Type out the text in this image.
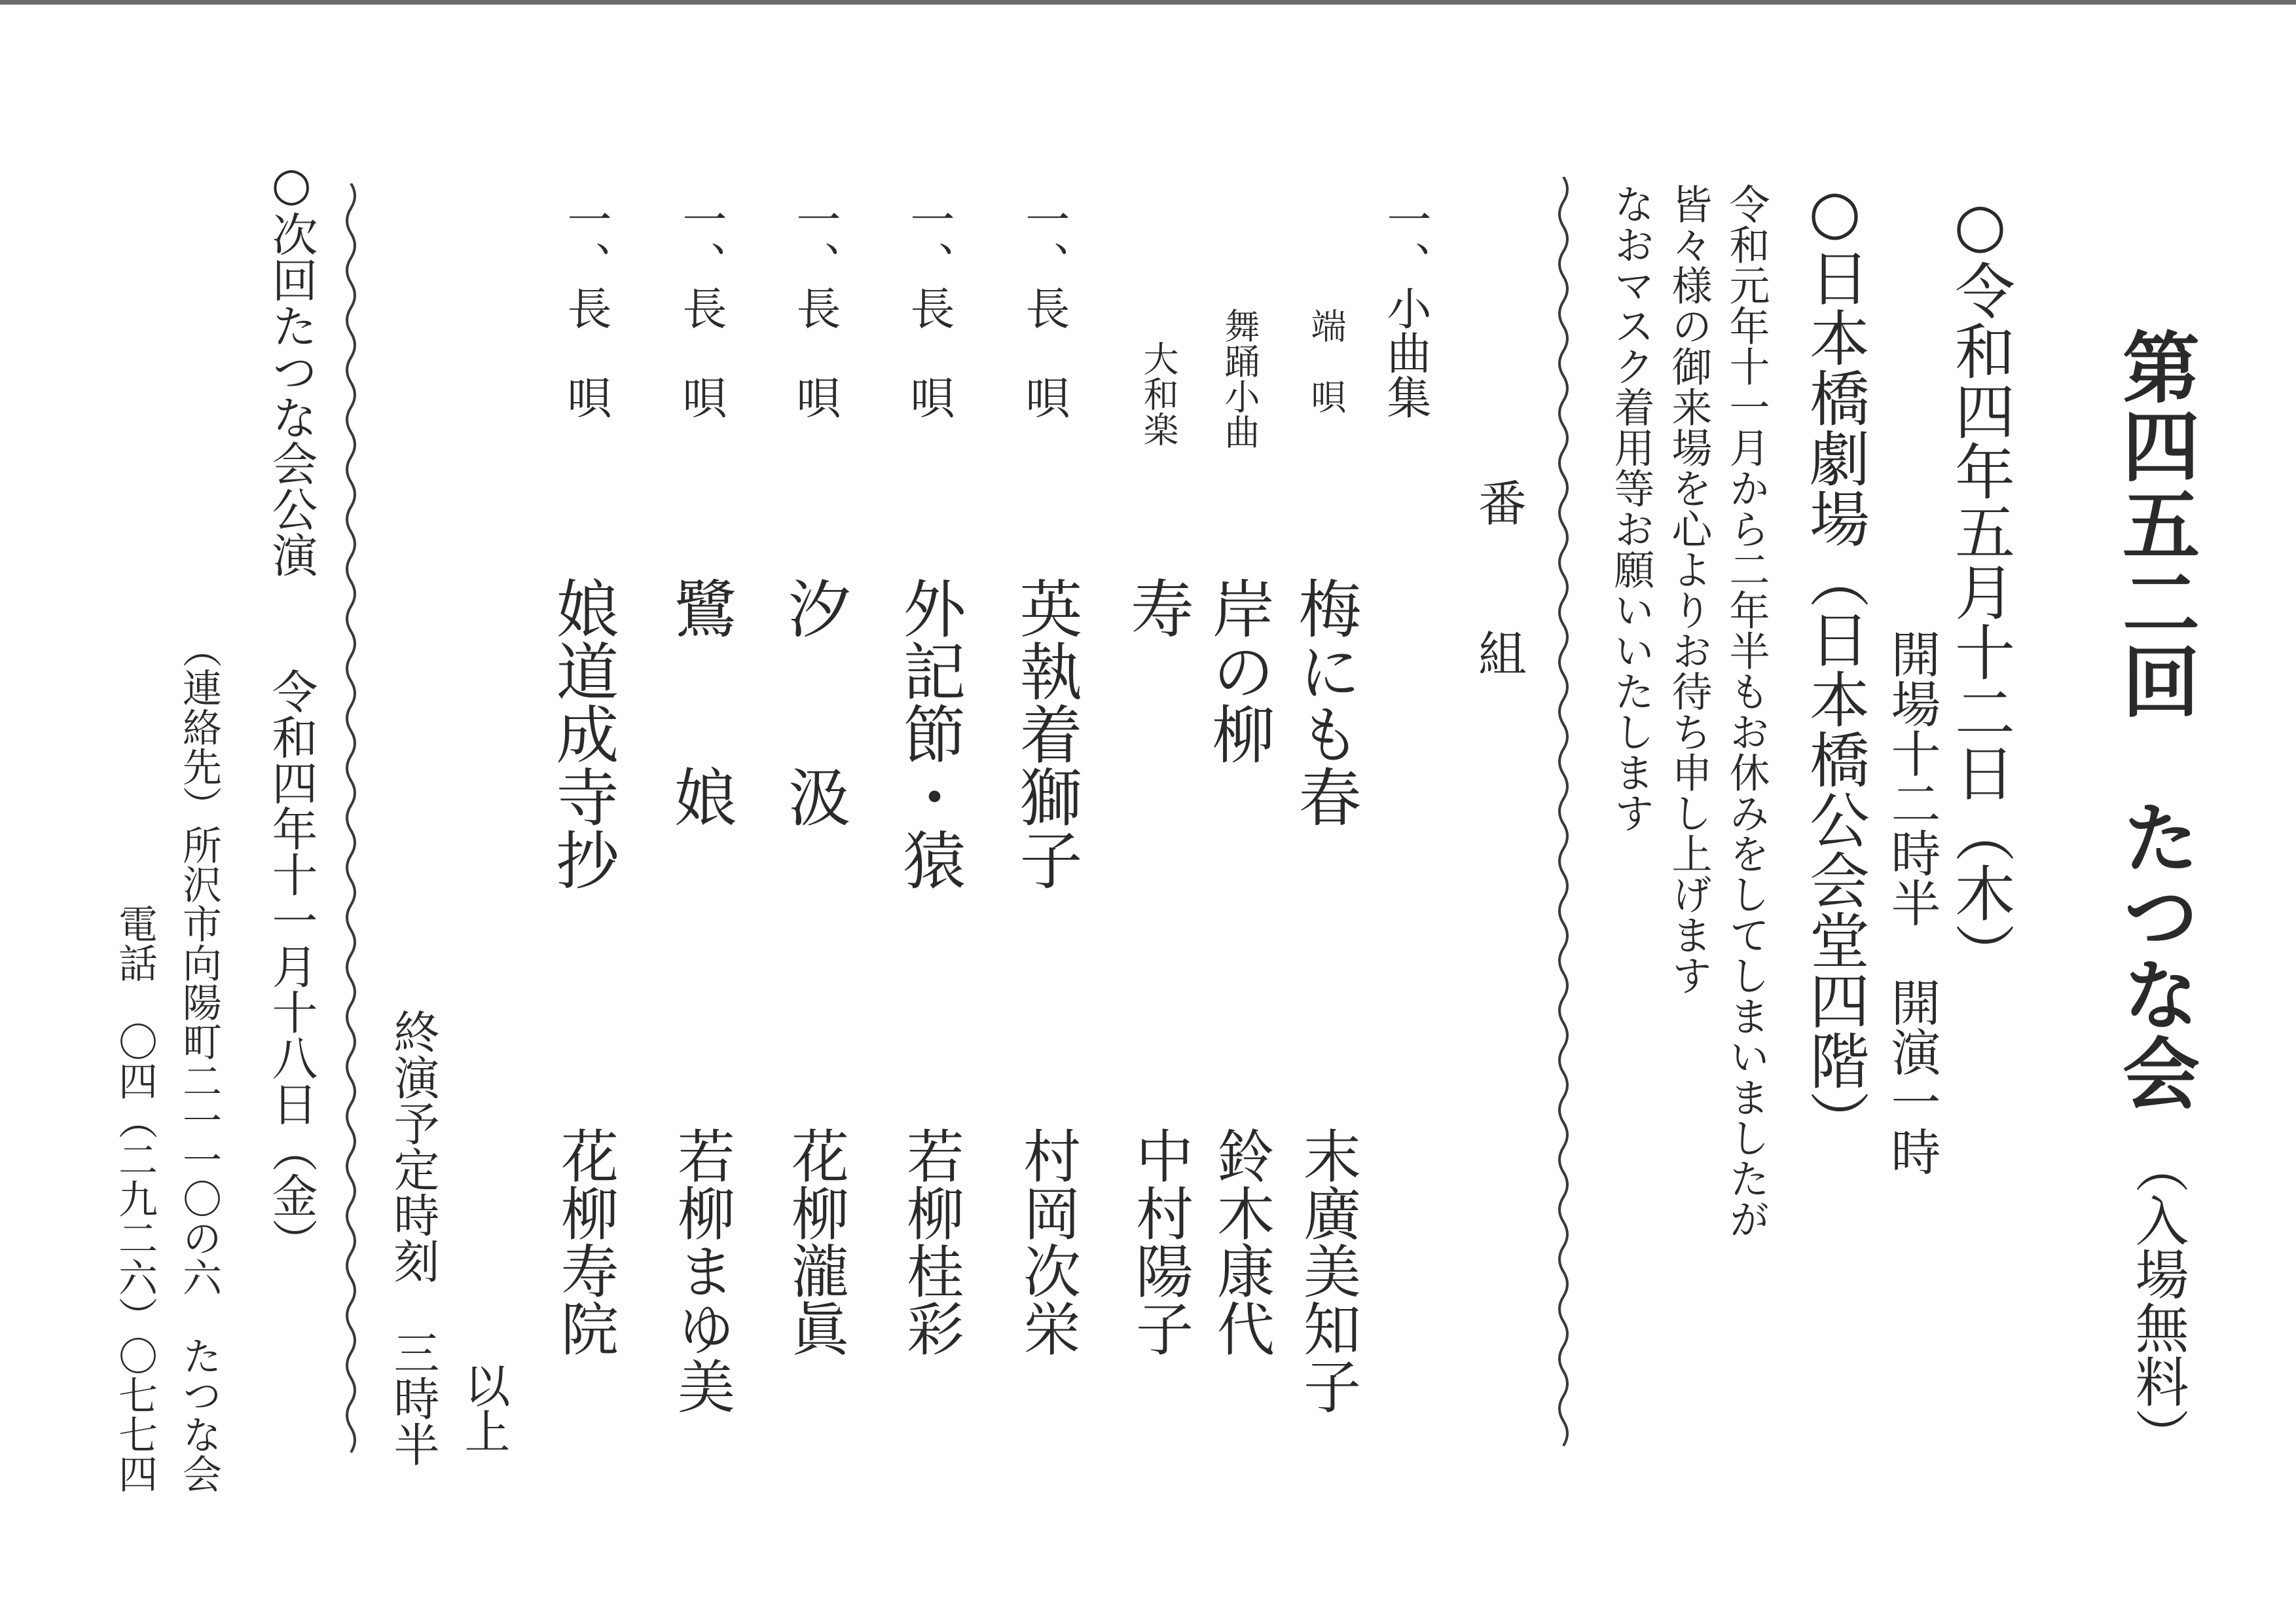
第四五二回たつな会
（入場無料）
○令和四年五月十二日（木）
開場十二時半　開演一時
○日本橋劇場（日本橋公会堂四階）
令和元年十一月から二年半もお休みをしてしまいましたが
皆々様の御来場を心よりお待ち申し上げます
なおマスク着用等お願いいたします
番
組
一、小曲集
端　唄
梅にも春
末廣美知子
舞踊小曲
岸の柳
鈴木康代
大和楽
寿
中村陽子
一、長　唄
英執着獅子
村岡次栄
一、長　唄
外記節・猿
若柳桂彩
一、長　唄
汐　　汲
花柳瀧眞
一、長　唄
鷺　　娘
若柳まゆ美
一、長　唄
娘道成寺抄
花柳寿院
以上
終演予定時刻　三時半
○次回たつな会公演
令和四年十一月十八日（金）
（連絡先）所沢市向陽町二一一〇の六　たつな会
電話　〇四（二九二六）〇七七四
